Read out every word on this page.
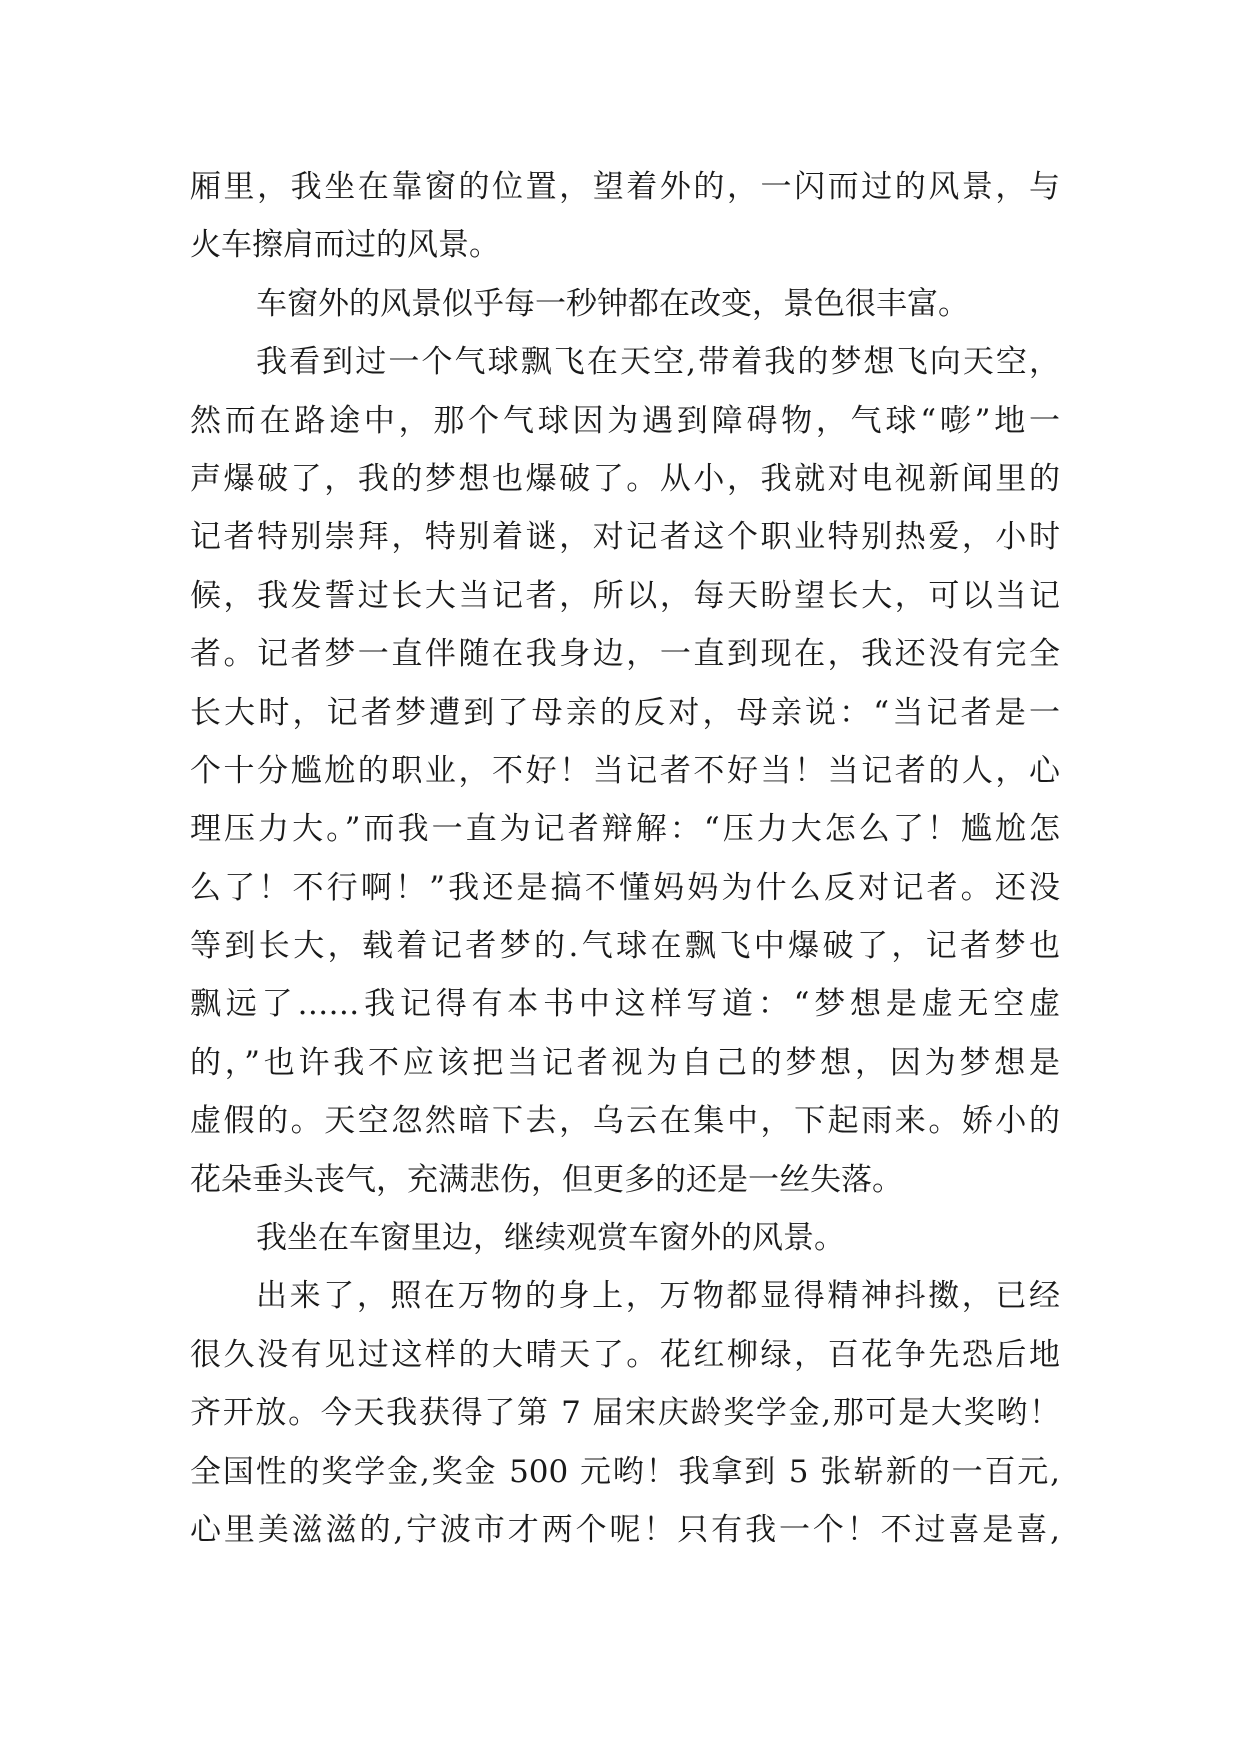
厢里，我坐在靠窗的位置，望着外的，一闪而过的风景，与
火车擦肩而过的风景。
车窗外的风景似乎每一秒钟都在改变，景色很丰富。
我看到过一个气球飘飞在天空,带着我的梦想飞向天空，
然而在路途中，那个气球因为遇到障碍物，气球“嘭”地一
声爆破了，我的梦想也爆破了。从小，我就对电视新闻里的
记者特别崇拜，特别着谜，对记者这个职业特别热爱，小时
候，我发誓过长大当记者，所以，每天盼望长大，可以当记
者。记者梦一直伴随在我身边，一直到现在，我还没有完全
长大时，记者梦遭到了母亲的反对，母亲说：“当记者是一
个十分尴尬的职业，不好！当记者不好当！当记者的人，心
理压力大。”而我一直为记者辩解：“压力大怎么了！尴尬怎
么了！不行啊！”我还是搞不懂妈妈为什么反对记者。还没
等到长大，载着记者梦的.气球在飘飞中爆破了，记者梦也
飘远了……我记得有本书中这样写道：“梦想是虚无空虚
的，”也许我不应该把当记者视为自己的梦想，因为梦想是
虚假的。天空忽然暗下去，乌云在集中，下起雨来。娇小的
花朵垂头丧气，充满悲伤，但更多的还是一丝失落。
我坐在车窗里边，继续观赏车窗外的风景。
出来了，照在万物的身上，万物都显得精神抖擞，已经
很久没有见过这样的大晴天了。花红柳绿，百花争先恐后地
齐开放。今天我获得了第 7 届宋庆龄奖学金,那可是大奖哟！
全国性的奖学金,奖金 500 元哟！我拿到 5 张崭新的一百元,
心里美滋滋的,宁波市才两个呢！只有我一个！不过喜是喜,
